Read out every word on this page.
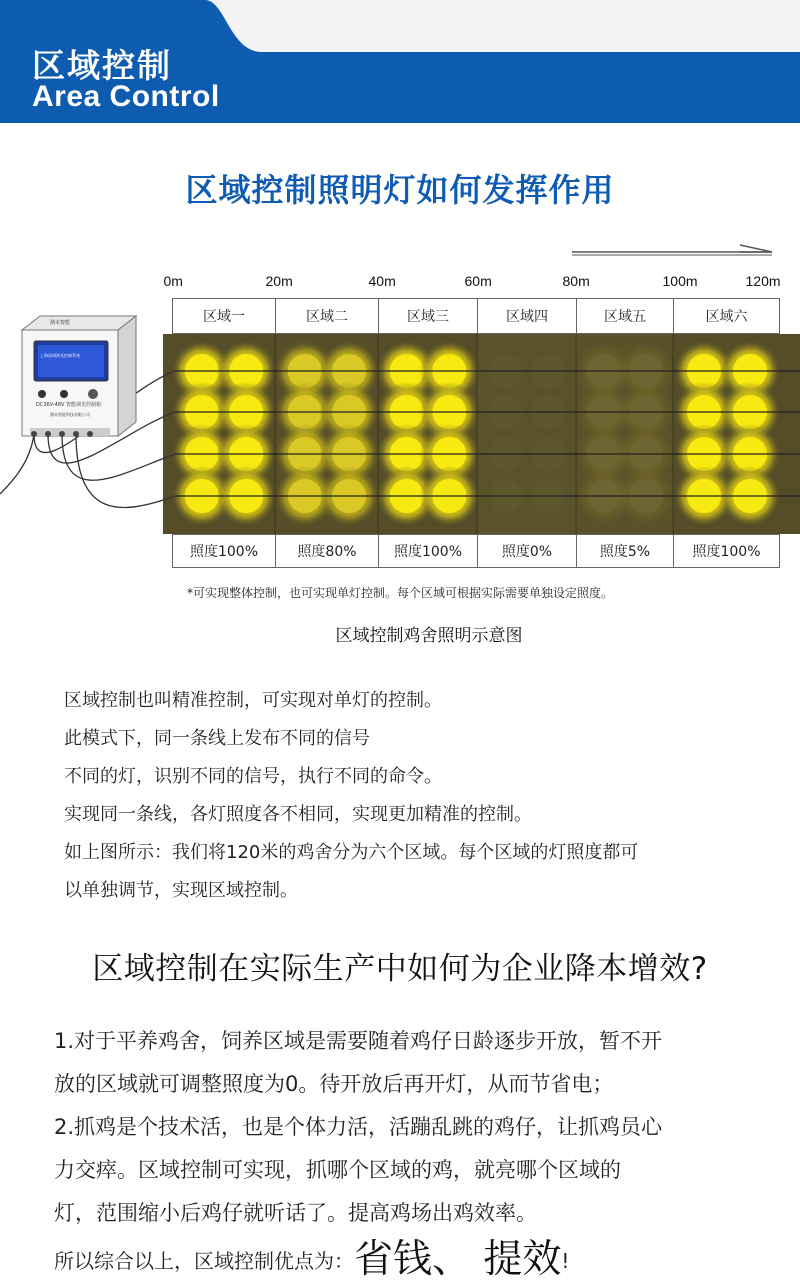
区域控制
Area Control
区域控制照明灯如何发挥作用
0m	20m	40m	60m	80m	100m	120m
区域一	区域二	区域三	区域四	区域五	区域六
测未智能
上海选调鸿光控制系统
DC36V-48V 智能调光控制箱
测未智能科技有限公司
照度100%	照度80%	照度100%	照度0%	照度5%	照度100%
*可实现整体控制，也可实现单灯控制。每个区域可根据实际需要单独设定照度。
区域控制鸡舍照明示意图

区域控制也叫精准控制，可实现对单灯的控制。

此模式下，同一条线上发布不同的信号

不同的灯，识别不同的信号，执行不同的命令。

实现同一条线，各灯照度各不相同，实现更加精准的控制。

如上图所示：我们将120米的鸡舍分为六个区域。每个区域的灯照度都可

以单独调节，实现区域控制。

区域控制在实际生产中如何为企业降本增效?

1.对于平养鸡舍，饲养区域是需要随着鸡仔日龄逐步开放，暂不开

放的区域就可调整照度为0。待开放后再开灯，从而节省电；

2.抓鸡是个技术活，也是个体力活，活蹦乱跳的鸡仔，让抓鸡员心

力交瘁。区域控制可实现，抓哪个区域的鸡，就亮哪个区域的

灯，范围缩小后鸡仔就听话了。提高鸡场出鸡效率。

所以综合以上，区域控制优点为：省钱、 提效!
